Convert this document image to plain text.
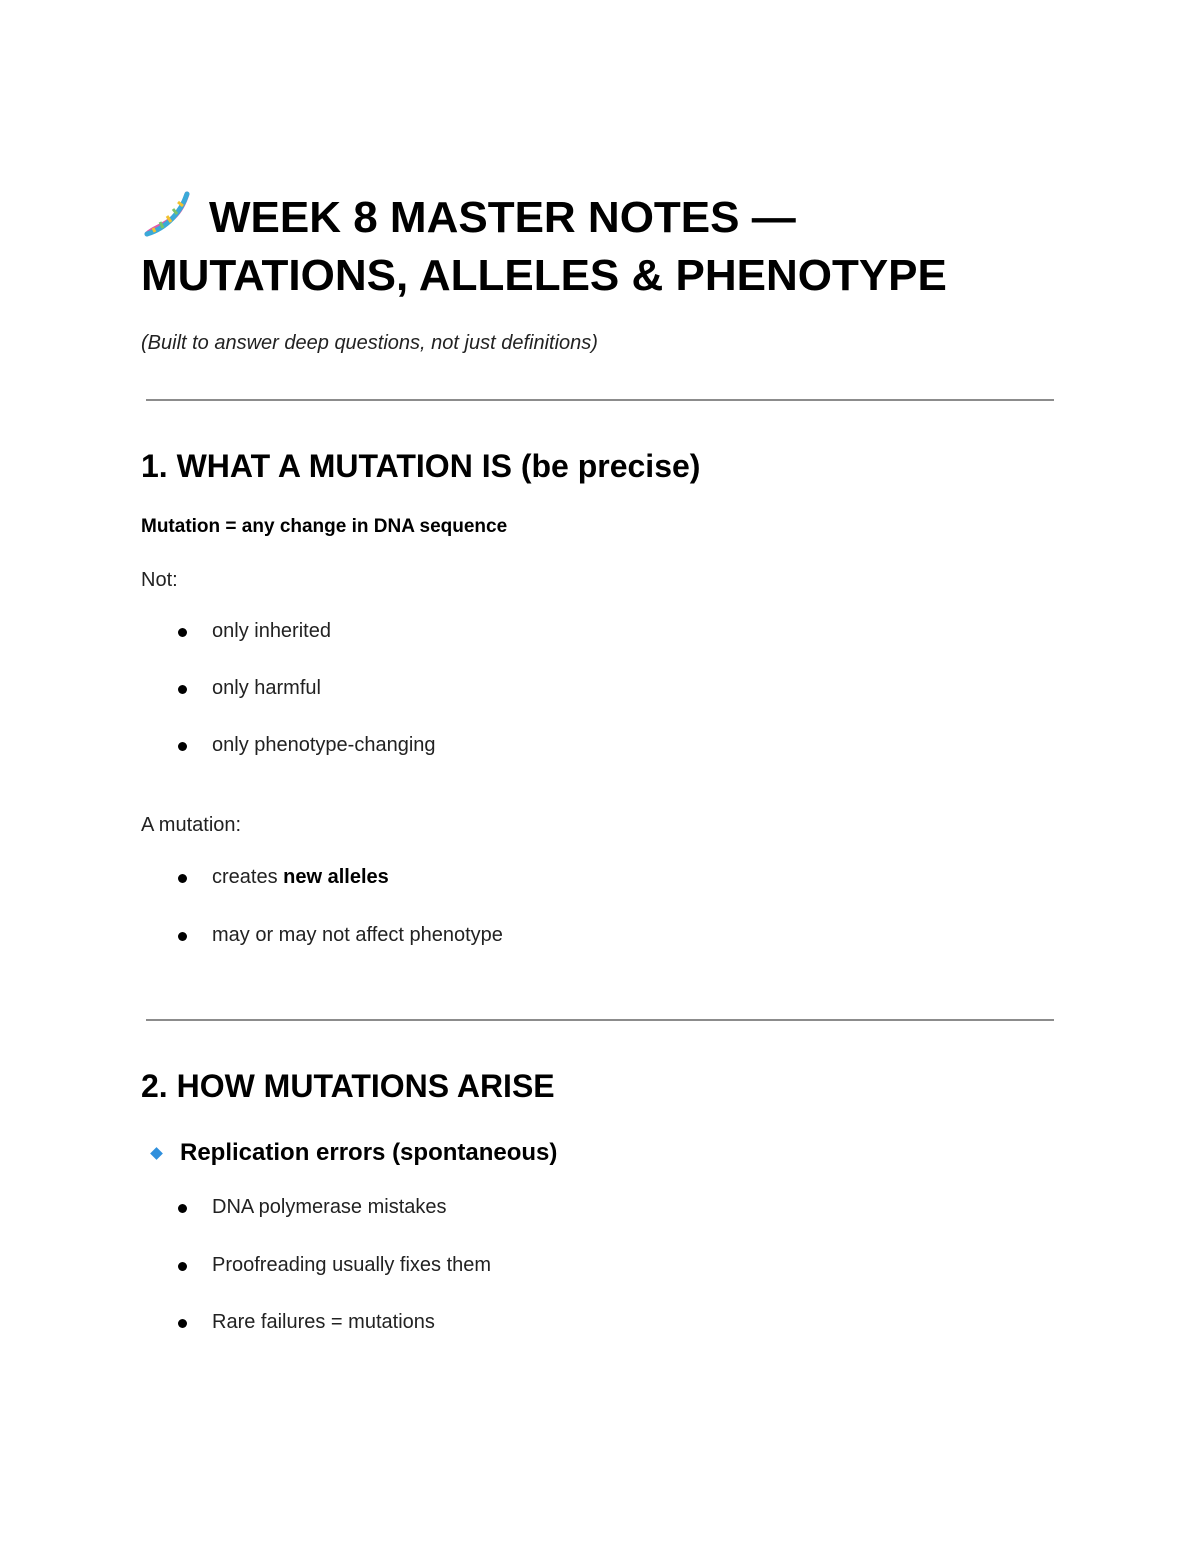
WEEK 8 MASTER NOTES —
MUTATIONS, ALLELES & PHENOTYPE
(Built to answer deep questions, not just definitions)
1. WHAT A MUTATION IS (be precise)
Mutation = any change in DNA sequence
Not:
only inherited
only harmful
only phenotype-changing
A mutation:
creates new alleles
may or may not affect phenotype
2. HOW MUTATIONS ARISE
Replication errors (spontaneous)
DNA polymerase mistakes
Proofreading usually fixes them
Rare failures = mutations
